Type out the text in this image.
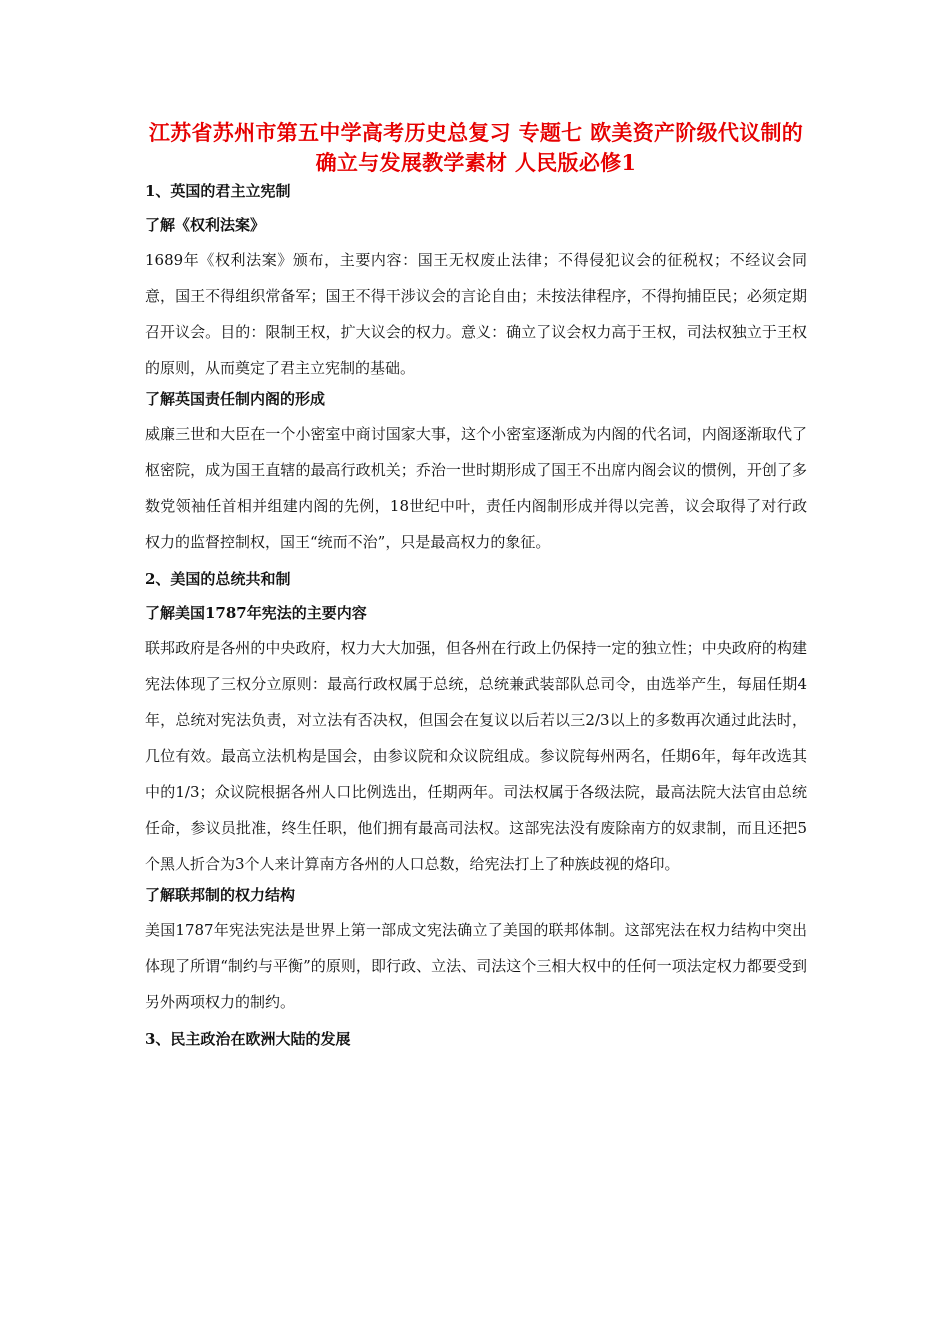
江苏省苏州市第五中学高考历史总复习 专题七 欧美资产阶级代议制的确立与发展教学素材 人民版必修1
1、英国的君主立宪制
了解《权利法案》
1689年《权利法案》颁布，主要内容：国王无权废止法律；不得侵犯议会的征税权；不经议会同意，国王不得组织常备军；国王不得干涉议会的言论自由；未按法律程序，不得拘捕臣民；必须定期召开议会。目的：限制王权，扩大议会的权力。意义：确立了议会权力高于王权，司法权独立于王权的原则，从而奠定了君主立宪制的基础。
了解英国责任制内阁的形成
威廉三世和大臣在一个小密室中商讨国家大事，这个小密室逐渐成为内阁的代名词，内阁逐渐取代了枢密院，成为国王直辖的最高行政机关；乔治一世时期形成了国王不出席内阁会议的惯例，开创了多数党领袖任首相并组建内阁的先例，18世纪中叶，责任内阁制形成并得以完善，议会取得了对行政权力的监督控制权，国王“统而不治”，只是最高权力的象征。
2、美国的总统共和制
了解美国1787年宪法的主要内容
联邦政府是各州的中央政府，权力大大加强，但各州在行政上仍保持一定的独立性；中央政府的构建宪法体现了三权分立原则：最高行政权属于总统，总统兼武装部队总司令，由选举产生，每届任期4年，总统对宪法负责，对立法有否决权，但国会在复议以后若以三2/3以上的多数再次通过此法时，几位有效。最高立法机构是国会，由参议院和众议院组成。参议院每州两名，任期6年，每年改选其中的1/3；众议院根据各州人口比例选出，任期两年。司法权属于各级法院，最高法院大法官由总统任命，参议员批准，终生任职，他们拥有最高司法权。这部宪法没有废除南方的奴隶制，而且还把5个黑人折合为3个人来计算南方各州的人口总数，给宪法打上了种族歧视的烙印。
了解联邦制的权力结构
美国1787年宪法宪法是世界上第一部成文宪法确立了美国的联邦体制。这部宪法在权力结构中突出体现了所谓“制约与平衡”的原则，即行政、立法、司法这个三相大权中的任何一项法定权力都要受到另外两项权力的制约。
3、民主政治在欧洲大陆的发展
